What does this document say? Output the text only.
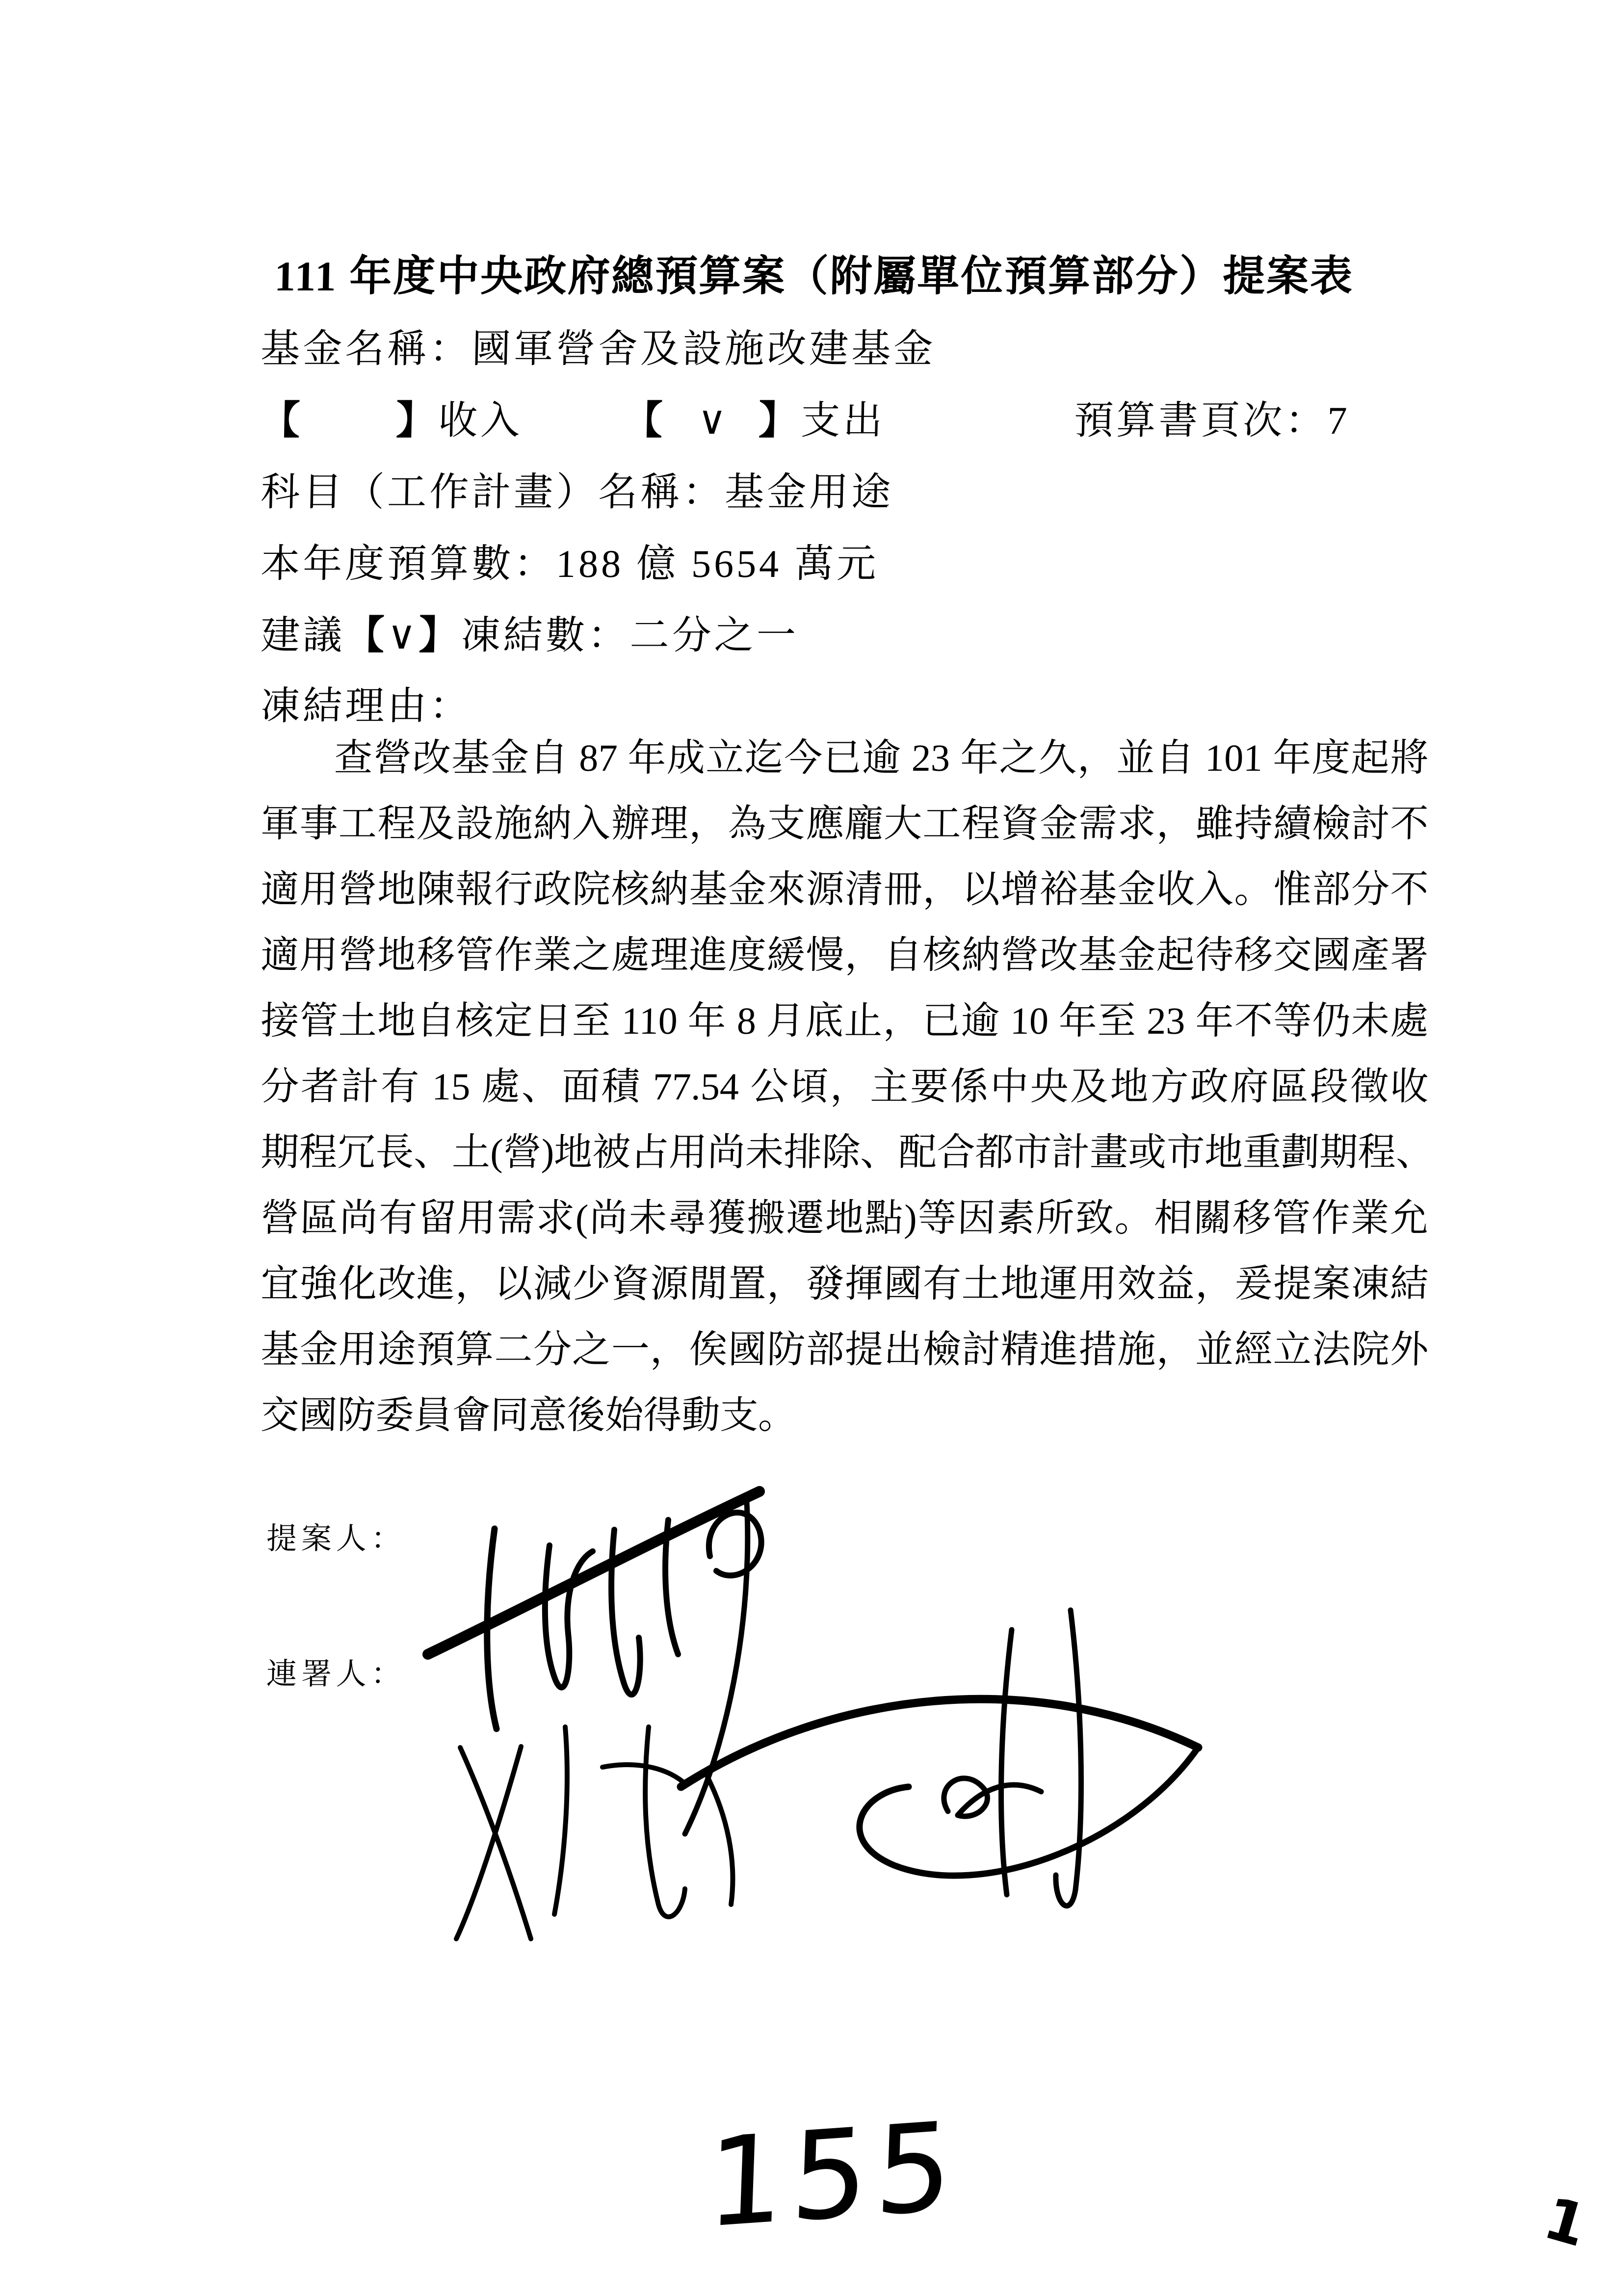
111 年度中央政府總預算案（附屬單位預算部分）提案表
基金名稱：國軍營舍及設施改建基金
【 】收入	【 ∨ 】支出	預算書頁次：7
科目（工作計畫）名稱：基金用途
本年度預算數：188 億 5654 萬元
建議【∨】凍結數：二分之一
凍結理由：
查營改基金自 87 年成立迄今已逾 23 年之久，並自 101 年度起將
軍事工程及設施納入辦理，為支應龐大工程資金需求，雖持續檢討不
適用營地陳報行政院核納基金來源清冊，以增裕基金收入。惟部分不
適用營地移管作業之處理進度緩慢，自核納營改基金起待移交國產署
接管土地自核定日至 110 年 8 月底止，已逾 10 年至 23 年不等仍未處
分者計有 15 處、面積 77.54 公頃，主要係中央及地方政府區段徵收
期程冗長、土(營)地被占用尚未排除、配合都市計畫或市地重劃期程、
營區尚有留用需求(尚未尋獲搬遷地點)等因素所致。相關移管作業允
宜強化改進，以減少資源閒置，發揮國有土地運用效益，爰提案凍結
基金用途預算二分之一，俟國防部提出檢討精進措施，並經立法院外
交國防委員會同意後始得動支。
提案人：
連署人：
155	1
